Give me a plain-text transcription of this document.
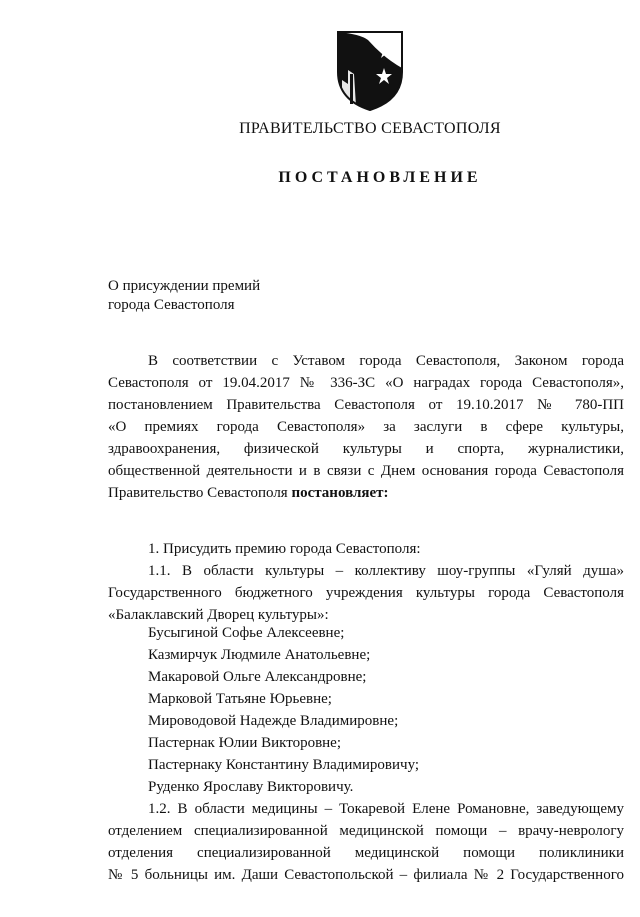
ПРАВИТЕЛЬСТВО СЕВАСТОПОЛЯ
ПОСТАНОВЛЕНИЕ
О присуждении премий
города Севастополя
В соответствии с Уставом города Севастополя, Законом города
Севастополя от 19.04.2017 № 336-ЗС «О наградах города Севастополя»,
постановлением Правительства Севастополя от 19.10.2017 № 780-ПП
«О премиях города Севастополя» за заслуги в сфере культуры,
здравоохранения, физической культуры и спорта, журналистики,
общественной деятельности и в связи с Днем основания города Севастополя
Правительство Севастополя постановляет:
1. Присудить премию города Севастополя:
1.1. В области культуры – коллективу шоу-группы «Гуляй душа»
Государственного бюджетного учреждения культуры города Севастополя
«Балаклавский Дворец культуры»:
Бусыгиной Софье Алексеевне;
Казмирчук Людмиле Анатольевне;
Макаровой Ольге Александровне;
Марковой Татьяне Юрьевне;
Мироводовой Надежде Владимировне;
Пастернак Юлии Викторовне;
Пастернаку Константину Владимировичу;
Руденко Ярославу Викторовичу.
1.2. В области медицины – Токаревой Елене Романовне, заведующему
отделением специализированной медицинской помощи – врачу-неврологу
отделения специализированной медицинской помощи поликлиники
№ 5 больницы им. Даши Севастопольской – филиала № 2 Государственного
